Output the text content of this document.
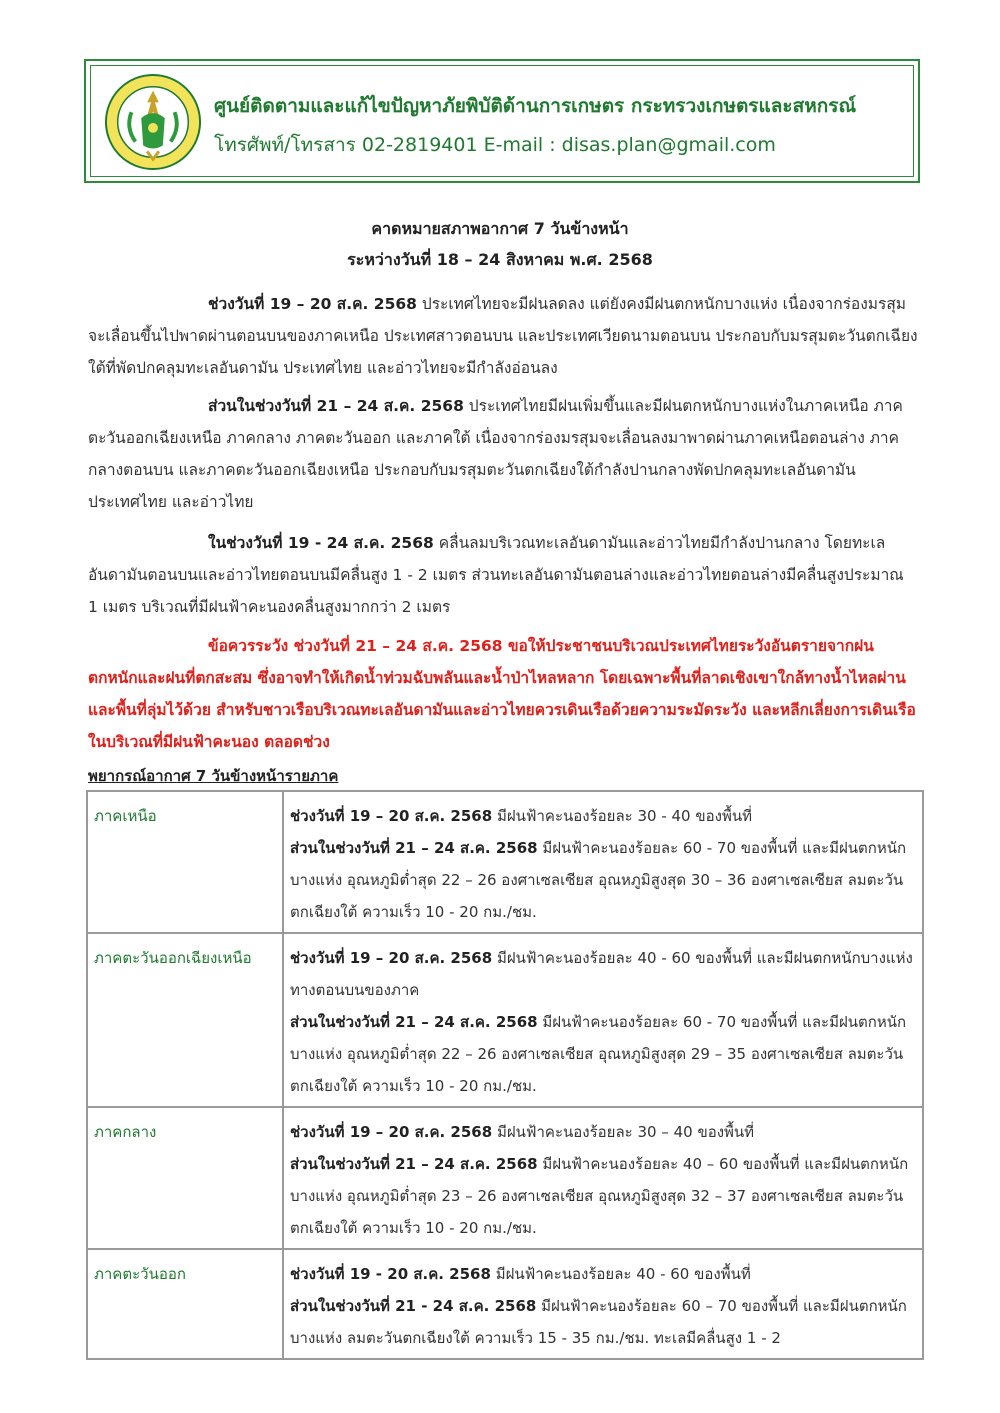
ศูนย์ติดตามและแก้ไขปัญหาภัยพิบัติด้านการเกษตร กระทรวงเกษตรและสหกรณ์
โทรศัพท์/โทรสาร 02-2819401 E-mail : disas.plan@gmail.com
คาดหมายสภาพอากาศ 7 วันข้างหน้า
ระหว่างวันที่ 18 – 24 สิงหาคม พ.ศ. 2568

ช่วงวันที่ 19 – 20 ส.ค. 2568 ประเทศไทยจะมีฝนลดลง แต่ยังคงมีฝนตกหนักบางแห่ง เนื่องจากร่องมรสุมจะเลื่อนขึ้นไปพาดผ่านตอนบนของภาคเหนือ ประเทศสาวตอนบน และประเทศเวียดนามตอนบน ประกอบกับมรสุมตะวันตกเฉียงใต้ที่พัดปกคลุมทะเลอันดามัน ประเทศไทย และอ่าวไทยจะมีกำลังอ่อนลง

ส่วนในช่วงวันที่ 21 – 24 ส.ค. 2568 ประเทศไทยมีฝนเพิ่มขึ้นและมีฝนตกหนักบางแห่งในภาคเหนือ ภาคตะวันออกเฉียงเหนือ ภาคกลาง ภาคตะวันออก และภาคใต้ เนื่องจากร่องมรสุมจะเลื่อนลงมาพาดผ่านภาคเหนือตอนล่าง ภาคกลางตอนบน และภาคตะวันออกเฉียงเหนือ ประกอบกับมรสุมตะวันตกเฉียงใต้กำลังปานกลางพัดปกคลุมทะเลอันดามัน ประเทศไทย และอ่าวไทย

ในช่วงวันที่ 19 - 24 ส.ค. 2568 คลื่นลมบริเวณทะเลอันดามันและอ่าวไทยมีกำลังปานกลาง โดยทะเลอันดามันตอนบนและอ่าวไทยตอนบนมีคลื่นสูง 1 - 2 เมตร ส่วนทะเลอันดามันตอนล่างและอ่าวไทยตอนล่างมีคลื่นสูงประมาณ 1 เมตร บริเวณที่มีฝนฟ้าคะนองคลื่นสูงมากกว่า 2 เมตร

ข้อควรระวัง ช่วงวันที่ 21 – 24 ส.ค. 2568 ขอให้ประชาชนบริเวณประเทศไทยระวังอันตรายจากฝนตกหนักและฝนที่ตกสะสม ซึ่งอาจทำให้เกิดน้ำท่วมฉับพลันและน้ำป่าไหลหลาก โดยเฉพาะพื้นที่ลาดเชิงเขาใกล้ทางน้ำไหลผ่านและพื้นที่ลุ่มไว้ด้วย สำหรับชาวเรือบริเวณทะเลอันดามันและอ่าวไทยควรเดินเรือด้วยความระมัดระวัง และหลีกเลี่ยงการเดินเรือในบริเวณที่มีฝนฟ้าคะนอง ตลอดช่วง

พยากรณ์อากาศ 7 วันข้างหน้ารายภาค
ภาคเหนือ	ช่วงวันที่ 19 – 20 ส.ค. 2568 มีฝนฟ้าคะนองร้อยละ 30 - 40 ของพื้นที่
ส่วนในช่วงวันที่ 21 – 24 ส.ค. 2568 มีฝนฟ้าคะนองร้อยละ 60 - 70 ของพื้นที่ และมีฝนตกหนักบางแห่ง อุณหภูมิต่ำสุด 22 – 26 องศาเซลเซียส อุณหภูมิสูงสุด 30 – 36 องศาเซลเซียส ลมตะวันตกเฉียงใต้ ความเร็ว 10 - 20 กม./ชม.
ภาคตะวันออกเฉียงเหนือ	ช่วงวันที่ 19 – 20 ส.ค. 2568 มีฝนฟ้าคะนองร้อยละ 40 - 60 ของพื้นที่ และมีฝนตกหนักบางแห่ง ทางตอนบนของภาค
ส่วนในช่วงวันที่ 21 – 24 ส.ค. 2568 มีฝนฟ้าคะนองร้อยละ 60 - 70 ของพื้นที่ และมีฝนตกหนักบางแห่ง อุณหภูมิต่ำสุด 22 – 26 องศาเซลเซียส อุณหภูมิสูงสุด 29 – 35 องศาเซลเซียส ลมตะวันตกเฉียงใต้ ความเร็ว 10 - 20 กม./ชม.
ภาคกลาง	ช่วงวันที่ 19 – 20 ส.ค. 2568 มีฝนฟ้าคะนองร้อยละ 30 – 40 ของพื้นที่
ส่วนในช่วงวันที่ 21 – 24 ส.ค. 2568 มีฝนฟ้าคะนองร้อยละ 40 – 60 ของพื้นที่ และมีฝนตกหนักบางแห่ง อุณหภูมิต่ำสุด 23 – 26 องศาเซลเซียส อุณหภูมิสูงสุด 32 – 37 องศาเซลเซียส ลมตะวันตกเฉียงใต้ ความเร็ว 10 - 20 กม./ชม.
ภาคตะวันออก	ช่วงวันที่ 19 - 20 ส.ค. 2568 มีฝนฟ้าคะนองร้อยละ 40 - 60 ของพื้นที่
ส่วนในช่วงวันที่ 21 - 24 ส.ค. 2568 มีฝนฟ้าคะนองร้อยละ 60 – 70 ของพื้นที่ และมีฝนตกหนักบางแห่ง ลมตะวันตกเฉียงใต้ ความเร็ว 15 - 35 กม./ชม. ทะเลมีคลื่นสูง 1 - 2
